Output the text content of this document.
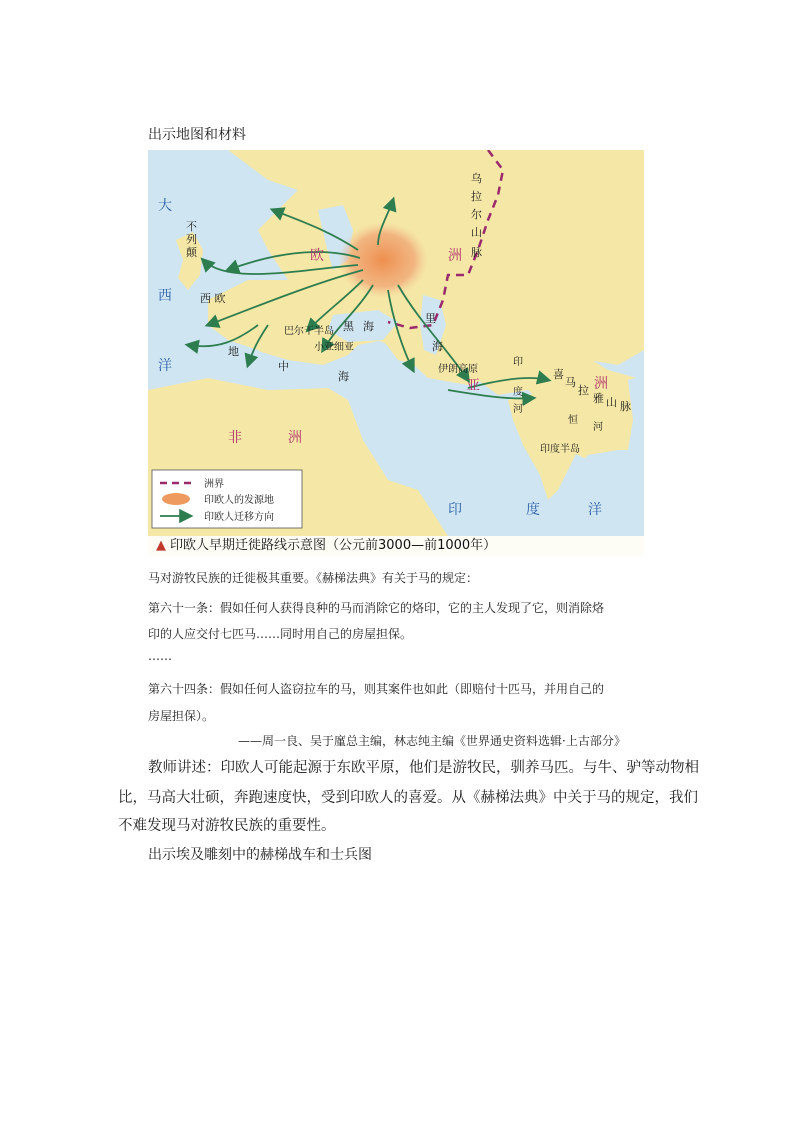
出示地图和材料

大
西
洋
不
列
颠
西 欧
欧	洲
亚	洲
非	洲
乌
拉
尔
山
脉
巴尔干半岛 黑 海
小亚细亚
里
海
地
中
海
伊朗高原	喜
马
拉
雅 山 脉
印
度
河
恒
河
印度半岛
印	度	洋
洲界
印欧人的发源地
印欧人迁移方向
▲ 印欧人早期迁徙路线示意图（公元前3000—前1000年）

马对游牧民族的迁徙极其重要。《赫梯法典》有关于马的规定：

第六十一条：假如任何人获得良种的马而消除它的烙印，它的主人发现了它，则消除烙

印的人应交付七匹马……同时用自己的房屋担保。

……

第六十四条：假如任何人盗窃拉车的马，则其案件也如此（即赔付十匹马，并用自己的

房屋担保）。

——周一良、吴于廑总主编，林志纯主编《世界通史资料选辑·上古部分》

教师讲述：印欧人可能起源于东欧平原，他们是游牧民，驯养马匹。与牛、驴等动物相

比，马高大壮硕，奔跑速度快，受到印欧人的喜爱。从《赫梯法典》中关于马的规定，我们

不难发现马对游牧民族的重要性。

出示埃及雕刻中的赫梯战车和士兵图
